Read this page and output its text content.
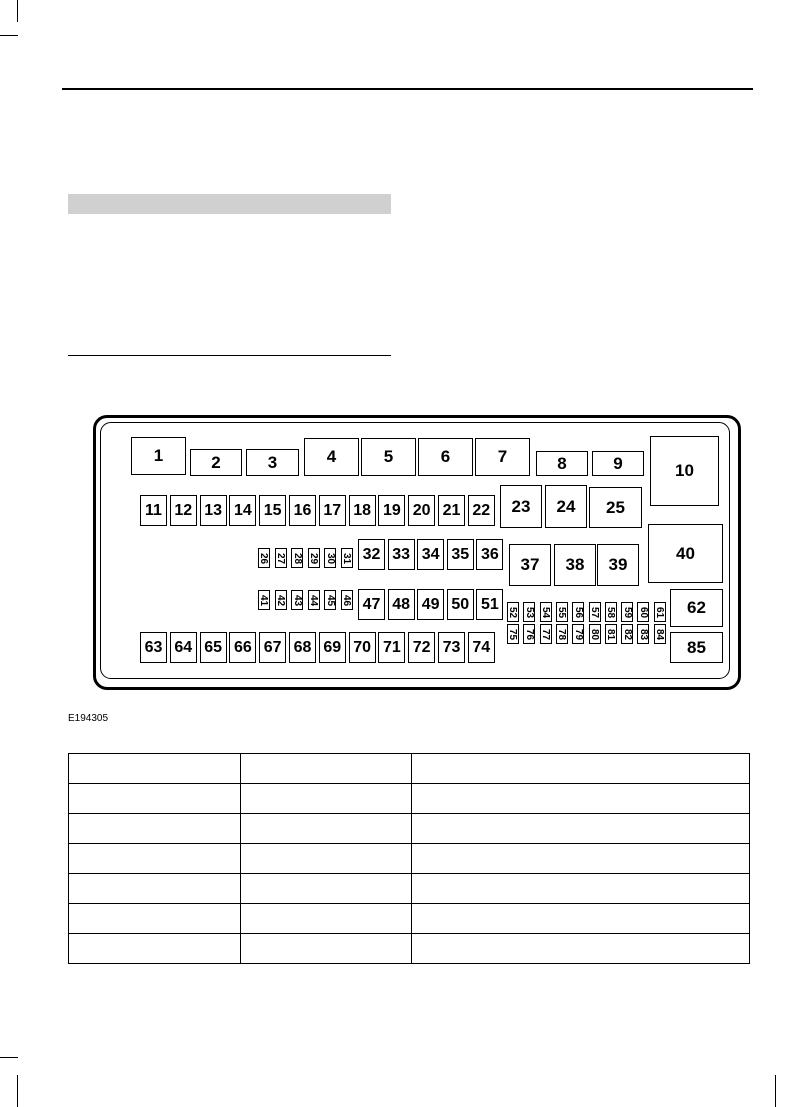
1	2	3	4	5	6	7	8	9	10
11 12 13 14 15 16 17 18 19 20 21 22 23 24 25
26
41
27
42
28
43
29
44
30
45
31
46
32 33 34 35 36
37 38 39
40
47 48 49 50 51 52
75
53
76
54
77
55
78
56
79
57
80
58
81
59
82
60
83
61
84
62
85
63 64 65 66 67 68 69 70 71 72 73 74
E194305
